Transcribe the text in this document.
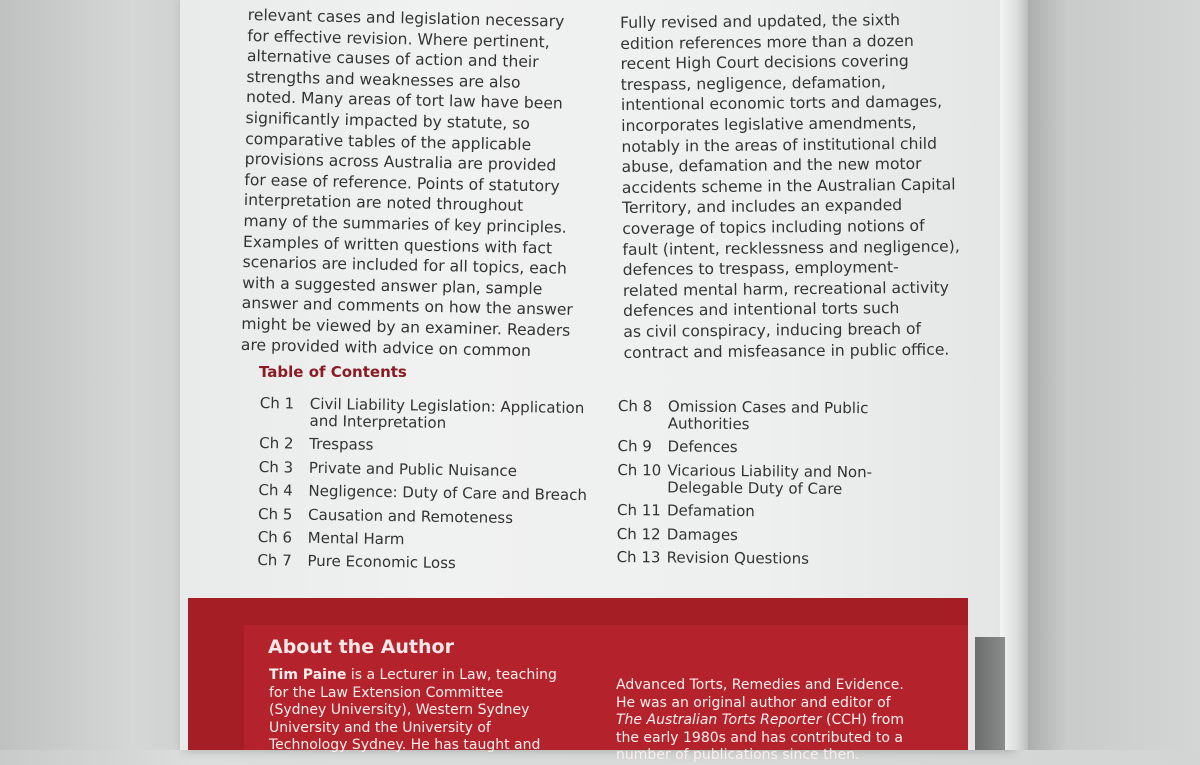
relevant cases and legislation necessary

for effective revision. Where pertinent,

alternative causes of action and their

strengths and weaknesses are also

noted. Many areas of tort law have been

significantly impacted by statute, so

comparative tables of the applicable

provisions across Australia are provided

for ease of reference. Points of statutory

interpretation are noted throughout

many of the summaries of key principles.

Examples of written questions with fact

scenarios are included for all topics, each

with a suggested answer plan, sample

answer and comments on how the answer

might be viewed by an examiner. Readers

are provided with advice on common

Fully revised and updated, the sixth

edition references more than a dozen

recent High Court decisions covering

trespass, negligence, defamation,

intentional economic torts and damages,

incorporates legislative amendments,

notably in the areas of institutional child

abuse, defamation and the new motor

accidents scheme in the Australian Capital

Territory, and includes an expanded

coverage of topics including notions of

fault (intent, recklessness and negligence),

defences to trespass, employment-

related mental harm, recreational activity

defences and intentional torts such

as civil conspiracy, inducing breach of

contract and misfeasance in public office.

Table of Contents
Ch 1	Civil Liability Legislation: Application and Interpretation
Ch 2	Trespass
Ch 3	Private and Public Nuisance
Ch 4	Negligence: Duty of Care and Breach
Ch 5	Causation and Remoteness
Ch 6	Mental Harm
Ch 7	Pure Economic Loss
Ch 8	Omission Cases and Public Authorities
Ch 9	Defences
Ch 10 Vicarious Liability and Non-Delegable Duty of Care
Ch 11 Defamation
Ch 12 Damages
Ch 13 Revision Questions
About the Author

Tim Paine is a Lecturer in Law, teaching

for the Law Extension Committee

(Sydney University), Western Sydney

University and the University of

Technology Sydney. He has taught and

Advanced Torts, Remedies and Evidence.

He was an original author and editor of

The Australian Torts Reporter (CCH) from

the early 1980s and has contributed to a

number of publications since then.
